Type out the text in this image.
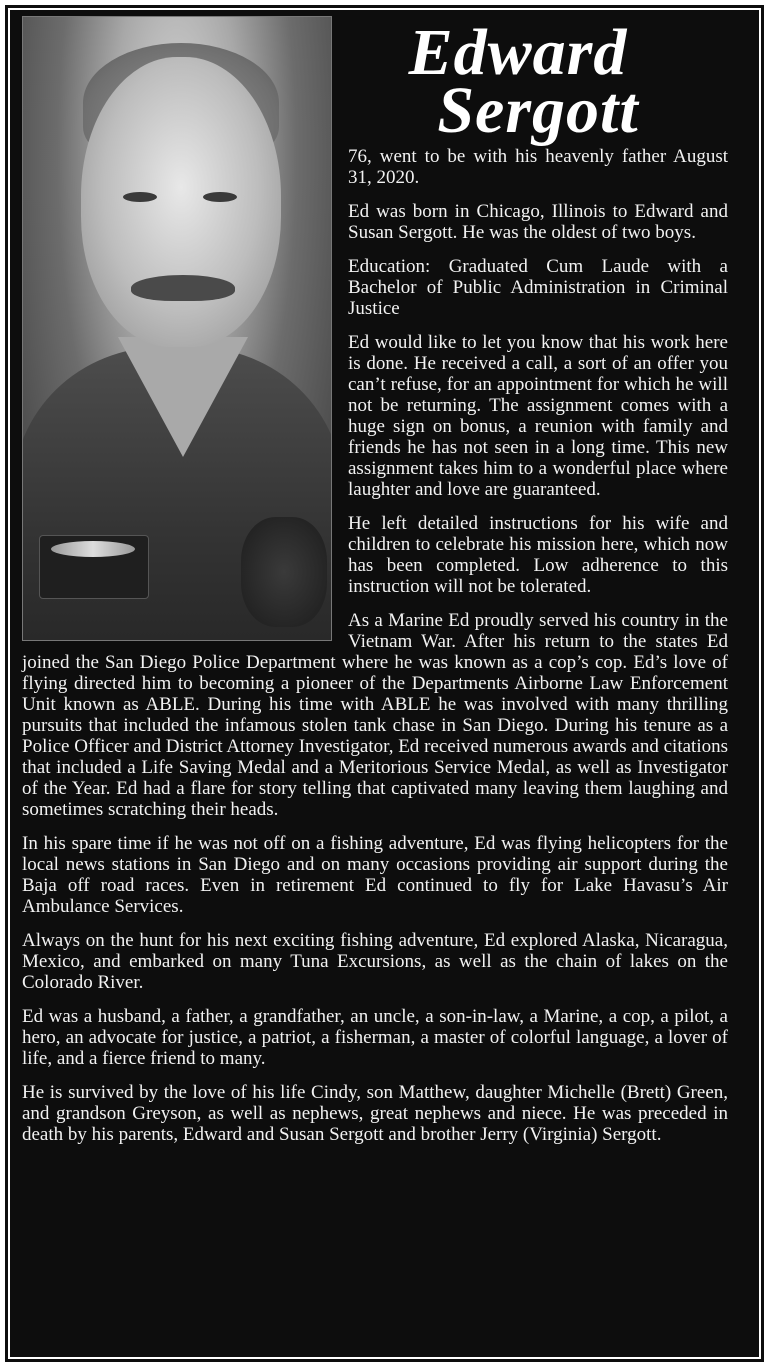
Edward
Sergott

76, went to be with his heavenly father August 31, 2020.

Ed was born in Chicago, Illinois to Edward and Susan Sergott. He was the oldest of two boys.

Education: Graduated Cum Laude with a Bachelor of Public Administration in Criminal Justice

Ed would like to let you know that his work here is done. He received a call, a sort of an offer you can’t refuse, for an appointment for which he will not be returning. The assignment comes with a huge sign on bonus, a reunion with family and friends he has not seen in a long time. This new assignment takes him to a wonderful place where laughter and love are guaranteed.

He left detailed instructions for his wife and children to celebrate his mission here, which now has been completed. Low adherence to this instruction will not be tolerated.

As a Marine Ed proudly served his country in the Vietnam War. After his return to the states Ed joined the San Diego Police Department where he was known as a cop’s cop. Ed’s love of flying directed him to becoming a pioneer of the Departments Airborne Law Enforcement Unit known as ABLE. During his time with ABLE he was involved with many thrilling pursuits that included the infamous stolen tank chase in San Diego. During his tenure as a Police Officer and District Attorney Investigator, Ed received numerous awards and citations that included a Life Saving Medal and a Meritorious Service Medal, as well as Investigator of the Year. Ed had a flare for story telling that captivated many leaving them laughing and sometimes scratching their heads.

In his spare time if he was not off on a fishing adventure, Ed was flying helicopters for the local news stations in San Diego and on many occasions providing air support during the Baja off road races. Even in retirement Ed continued to fly for Lake Havasu’s Air Ambulance Services.

Always on the hunt for his next exciting fishing adventure, Ed explored Alaska, Nicaragua, Mexico, and embarked on many Tuna Excursions, as well as the chain of lakes on the Colorado River.

Ed was a husband, a father, a grandfather, an uncle, a son-in-law, a Marine, a cop, a pilot, a hero, an advocate for justice, a patriot, a fisherman, a master of colorful language, a lover of life, and a fierce friend to many.

He is survived by the love of his life Cindy, son Matthew, daughter Michelle (Brett) Green, and grandson Greyson, as well as nephews, great nephews and niece. He was preceded in death by his parents, Edward and Susan Sergott and brother Jerry (Virginia) Sergott.
